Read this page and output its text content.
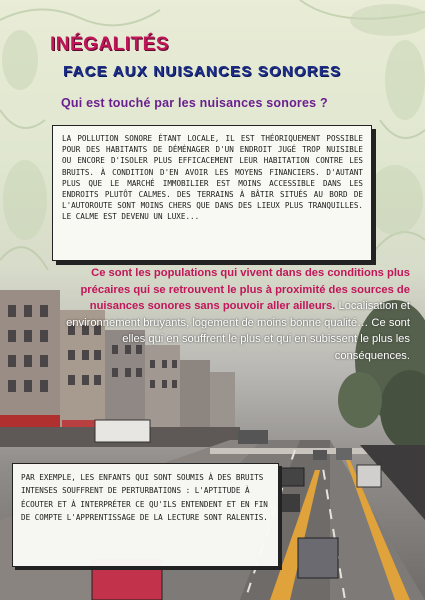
INÉGALITÉS
FACE AUX NUISANCES SONORES
Qui est touché par les nuisances sonores ?

LA POLLUTION SONORE ÉTANT LOCALE, IL EST THÉORIQUEMENT POSSIBLE POUR DES HABITANTS DE DÉMÉNAGER D'UN ENDROIT JUGÉ TROP NUISIBLE OU ENCORE D'ISOLER PLUS EFFICACEMENT LEUR HABITATION CONTRE LES BRUITS. À CONDITION D'EN AVOIR LES MOYENS FINANCIERS. D'AUTANT PLUS QUE LE MARCHÉ IMMOBILIER EST MOINS ACCESSIBLE DANS LES ENDROITS PLUTÔT CALMES. DES TERRAINS À BÂTIR SITUÉS AU BORD DE L'AUTOROUTE SONT MOINS CHERS QUE DANS DES LIEUX PLUS TRANQUILLES. LE CALME EST DEVENU UN LUXE...

Ce sont les populations qui vivent dans des conditions plus précaires qui se retrouvent le plus à proximité des sources de nuisances sonores sans pouvoir aller ailleurs. Localisation et environnement bruyants, logement de moins bonne qualité… Ce sont elles qui en souffrent le plus et qui en subissent le plus les conséquences.

PAR EXEMPLE, LES ENFANTS QUI SONT SOUMIS À DES BRUITS INTENSES SOUFFRENT DE PERTURBATIONS : L'APTITUDE À ÉCOUTER ET À INTERPRÉTER CE QU'ILS ENTENDENT ET EN FIN DE COMPTE L'APPRENTISSAGE DE LA LECTURE SONT RALENTIS.
